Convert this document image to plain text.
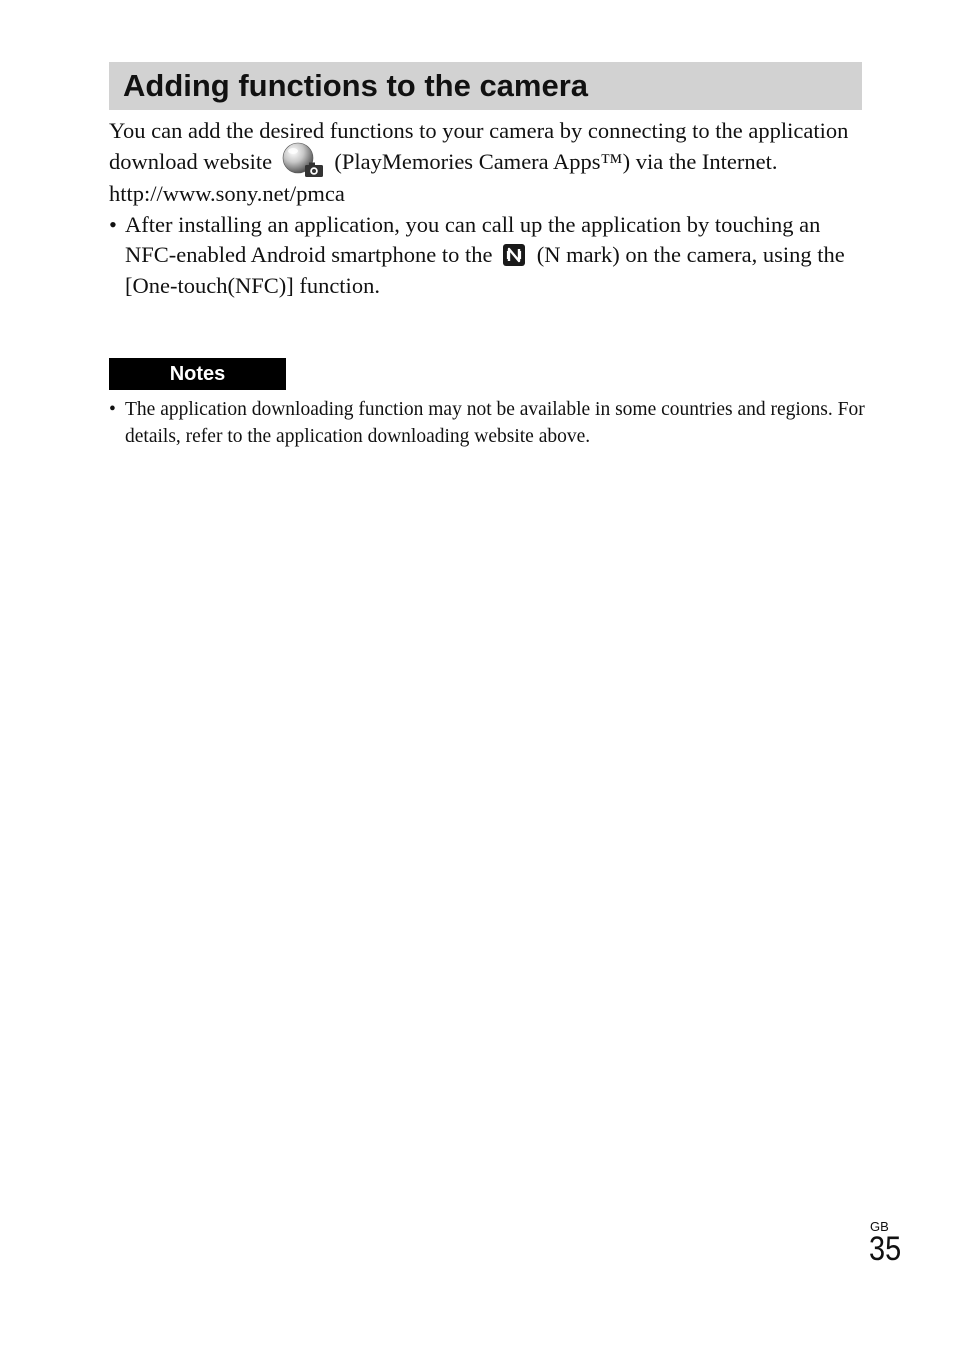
Adding functions to the camera

You can add the desired functions to your camera by connecting to the application download website	(PlayMemories Camera Apps™) via the Internet.

http://www.sony.net/pmca

• After installing an application, you can call up the application by touching an NFC-enabled Android smartphone to the (N mark) on the camera, using the [One-touch(NFC)] function.
Notes
• The application downloading function may not be available in some countries and regions. For details, refer to the application downloading website above.
GB
35
